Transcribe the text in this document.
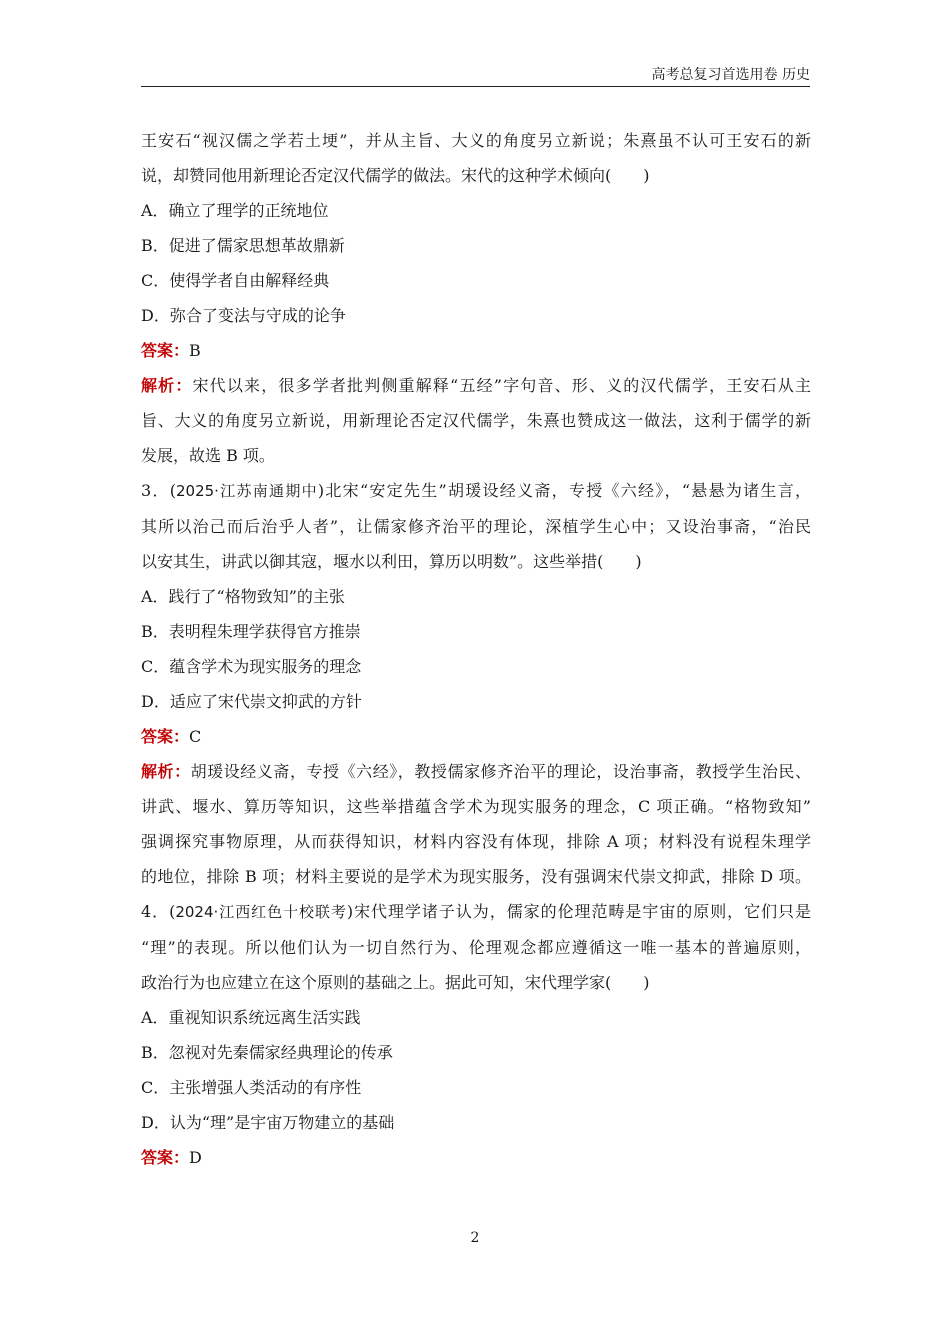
高考总复习首选用卷 历史

王安石“视汉儒之学若土埂”，并从主旨、大义的角度另立新说；朱熹虽不认可王安石的新

说，却赞同他用新理论否定汉代儒学的做法。宋代的这种学术倾向(　　)

A．确立了理学的正统地位

B．促进了儒家思想革故鼎新

C．使得学者自由解释经典

D．弥合了变法与守成的论争

答案：B

解析：宋代以来，很多学者批判侧重解释“五经”字句音、形、义的汉代儒学，王安石从主

旨、大义的角度另立新说，用新理论否定汉代儒学，朱熹也赞成这一做法，这利于儒学的新

发展，故选 B 项。

3．(2025·江苏南通期中)北宋“安定先生”胡瑗设经义斋，专授《六经》，“悬悬为诸生言，

其所以治己而后治乎人者”，让儒家修齐治平的理论，深植学生心中；又设治事斋，“治民

以安其生，讲武以御其寇，堰水以利田，算历以明数”。这些举措(　　)

A．践行了“格物致知”的主张

B．表明程朱理学获得官方推崇

C．蕴含学术为现实服务的理念

D．适应了宋代崇文抑武的方针

答案：C

解析：胡瑗设经义斋，专授《六经》，教授儒家修齐治平的理论，设治事斋，教授学生治民、

讲武、堰水、算历等知识，这些举措蕴含学术为现实服务的理念，C 项正确。“格物致知”

强调探究事物原理，从而获得知识，材料内容没有体现，排除 A 项；材料没有说程朱理学

的地位，排除 B 项；材料主要说的是学术为现实服务，没有强调宋代崇文抑武，排除 D 项。

4．(2024·江西红色十校联考)宋代理学诸子认为，儒家的伦理范畴是宇宙的原则，它们只是

“理”的表现。所以他们认为一切自然行为、伦理观念都应遵循这一唯一基本的普遍原则，

政治行为也应建立在这个原则的基础之上。据此可知，宋代理学家(　　)

A．重视知识系统远离生活实践

B．忽视对先秦儒家经典理论的传承

C．主张增强人类活动的有序性

D．认为“理”是宇宙万物建立的基础

答案：D

2
